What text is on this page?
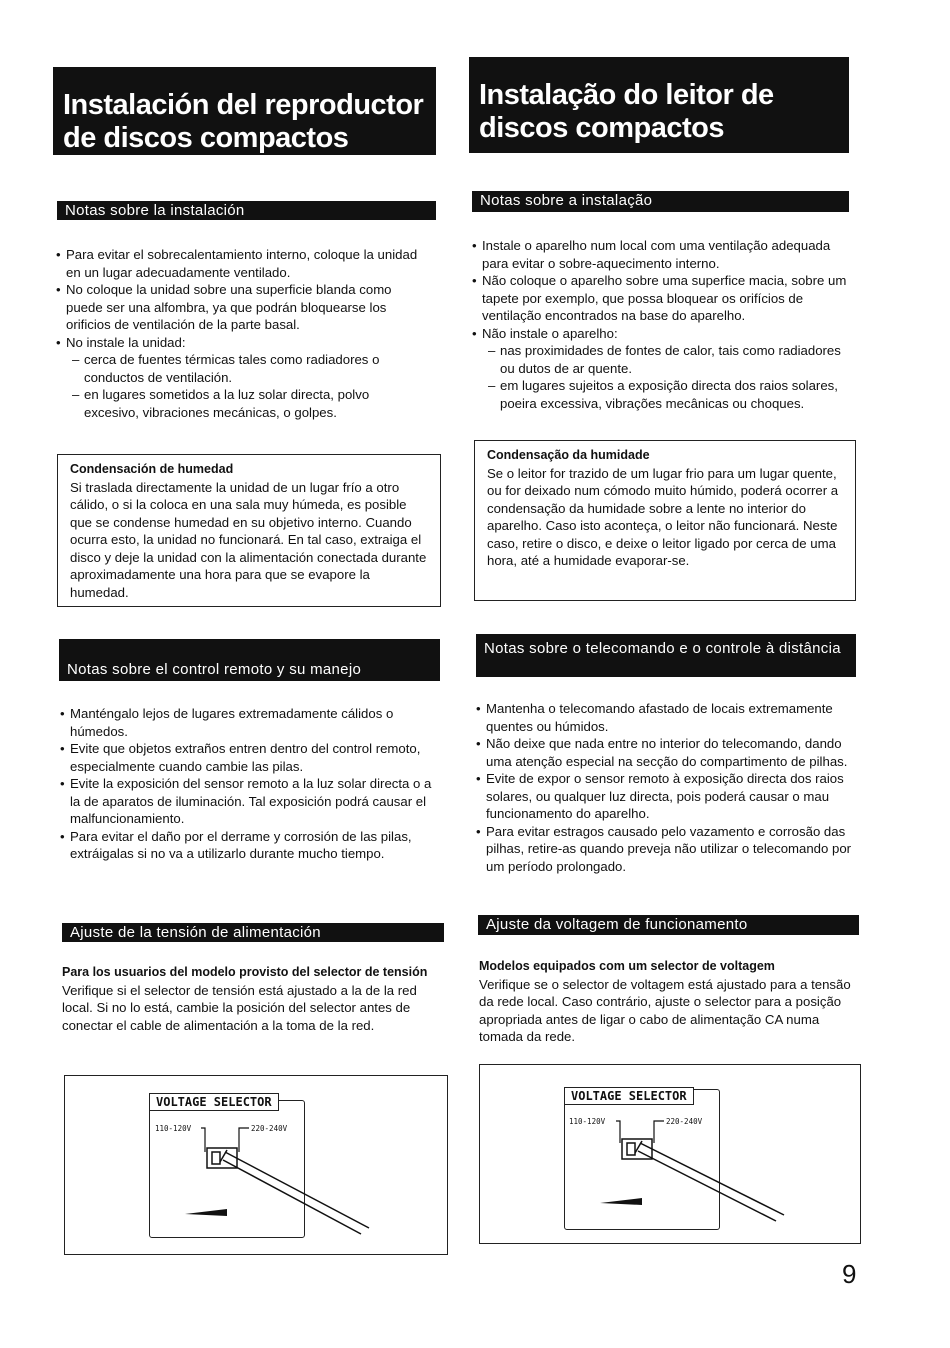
Instalación del reproductor de discos compactos
Notas sobre la instalación
• Para evitar el sobrecalentamiento interno, coloque la unidad en un lugar adecuadamente ventilado.
• No coloque la unidad sobre una superficie blanda como puede ser una alfombra, ya que podrán bloquearse los orificios de ventilación de la parte basal.
• No instale la unidad:
– cerca de fuentes térmicas tales como radiadores o conductos de ventilación.
– en lugares sometidos a la luz solar directa, polvo excesivo, vibraciones mecánicas, o golpes.
Condensación de humedad
Si traslada directamente la unidad de un lugar frío a otro cálido, o si la coloca en una sala muy húmeda, es posible que se condense humedad en su objetivo interno. Cuando ocurra esto, la unidad no funcionará. En tal caso, extraiga el disco y deje la unidad con la alimentación conectada durante aproximadamente una hora para que se evapore la humedad.
Notas sobre el control remoto y su manejo
• Manténgalo lejos de lugares extremadamente cálidos o húmedos.
• Evite que objetos extraños entren dentro del control remoto, especialmente cuando cambie las pilas.
• Evite la exposición del sensor remoto a la luz solar directa o a la de aparatos de iluminación. Tal exposición podrá causar el malfuncionamiento.
• Para evitar el daño por el derrame y corrosión de las pilas, extráigalas si no va a utilizarlo durante mucho tiempo.
Ajuste de la tensión de alimentación
Para los usuarios del modelo provisto del selector de tensión
Verifique si el selector de tensión está ajustado a la de la red local. Si no lo está, cambie la posición del selector antes de conectar el cable de alimentación a la toma de la red.
VOLTAGE SELECTOR
110-120V	220-240V
Instalação do leitor de discos compactos
Notas sobre a instalação
• Instale o aparelho num local com uma ventilação adequada para evitar o sobre-aquecimento interno.
• Não coloque o aparelho sobre uma superfice macia, sobre um tapete por exemplo, que possa bloquear os orifícios de ventilação encontrados na base do aparelho.
• Não instale o aparelho:
– nas proximidades de fontes de calor, tais como radiadores ou dutos de ar quente.
– em lugares sujeitos a exposição directa dos raios solares, poeira excessiva, vibrações mecânicas ou choques.
Condensação da humidade
Se o leitor for trazido de um lugar frio para um lugar quente, ou for deixado num cómodo muito húmido, poderá ocorrer a condensação da humidade sobre a lente no interior do aparelho. Caso isto aconteça, o leitor não funcionará. Neste caso, retire o disco, e deixe o leitor ligado por cerca de uma hora, até a humidade evaporar-se.
Notas sobre o telecomando e o controle à distância
• Mantenha o telecomando afastado de locais extremamente quentes ou húmidos.
• Não deixe que nada entre no interior do telecomando, dando uma atenção especial na secção do compartimento de pilhas.
• Evite de expor o sensor remoto à exposição directa dos raios solares, ou qualquer luz directa, pois poderá causar o mau funcionamento do aparelho.
• Para evitar estragos causado pelo vazamento e corrosão das pilhas, retire-as quando preveja não utilizar o telecomando por um período prolongado.
Ajuste da voltagem de funcionamento
Modelos equipados com um selector de voltagem
Verifique se o selector de voltagem está ajustado para a tensão da rede local. Caso contrário, ajuste o selector para a posição apropriada antes de ligar o cabo de alimentação CA numa tomada da rede.
VOLTAGE SELECTOR
110-120V	220-240V
9
